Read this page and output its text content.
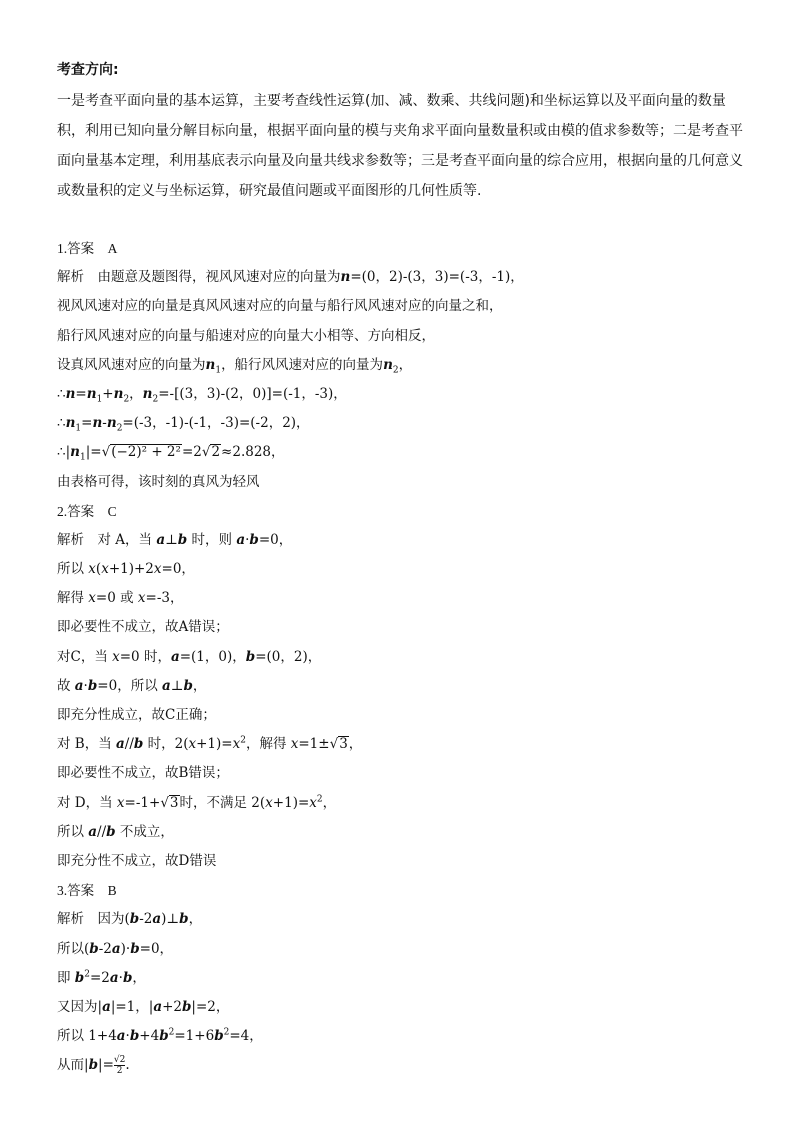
考查方向:

一是考查平面向量的基本运算，主要考查线性运算(加、减、数乘、共线问题)和坐标运算以及平面向量的数量积，利用已知向量分解目标向量，根据平面向量的模与夹角求平面向量数量积或由模的值求参数等；二是考查平面向量基本定理，利用基底表示向量及向量共线求参数等；三是考查平面向量的综合应用，根据向量的几何意义或数量积的定义与坐标运算，研究最值问题或平面图形的几何性质等.

1.答案　A
解析　由题意及题图得，视风风速对应的向量为n=(0，2)-(3，3)=(-3，-1)，
视风风速对应的向量是真风风速对应的向量与船行风风速对应的向量之和，
船行风风速对应的向量与船速对应的向量大小相等、方向相反，
设真风风速对应的向量为$n_1$，船行风风速对应的向量为$n_2$，
$\therefore n=n_1+n_2$，$n_2=-[(3$，3)-(2，0)]=(-1，-3)，
$\therefore n_1=n-n_2=(-3$，-1)-(-1，-3)=(-2，2)，
$\therefore|n_1|=√(-2)^2 + 2^2=2√2\approx 2.828$，
由表格可得，该时刻的真风为轻风
2.答案　C
解析　对 A，当 a⊥b 时，则 a·b=0，
所以 x(x+1)+2x=0，
解得 x=0 或 x=-3，
即必要性不成立，故A错误；
对C，当 x=0 时，a=(1，0)，b=(0，2)，
故 a·b=0，所以 a⊥b，
即充分性成立，故C正确；
对 B，当 a//b 时，$2(x+1)=x^2$，解得 x=1±√3，
即必要性不成立，故B错误；
对 D，当 x=-1+√3时，不满足 $2(x+1)=x^2$，
所以 a//b 不成立，
即充分性不成立，故D错误
3.答案　B
解析　因为(b-2a)⊥b，
所以(b-2a)·b=0，
即 $b^2=2a\cdot b$，
又因为|a|=1，|a+2b|=2，
所以 $1+4a\cdot b+4b^2=1+6b^2=4$，
从而$|b|= \frac{√2}{2}$ .
